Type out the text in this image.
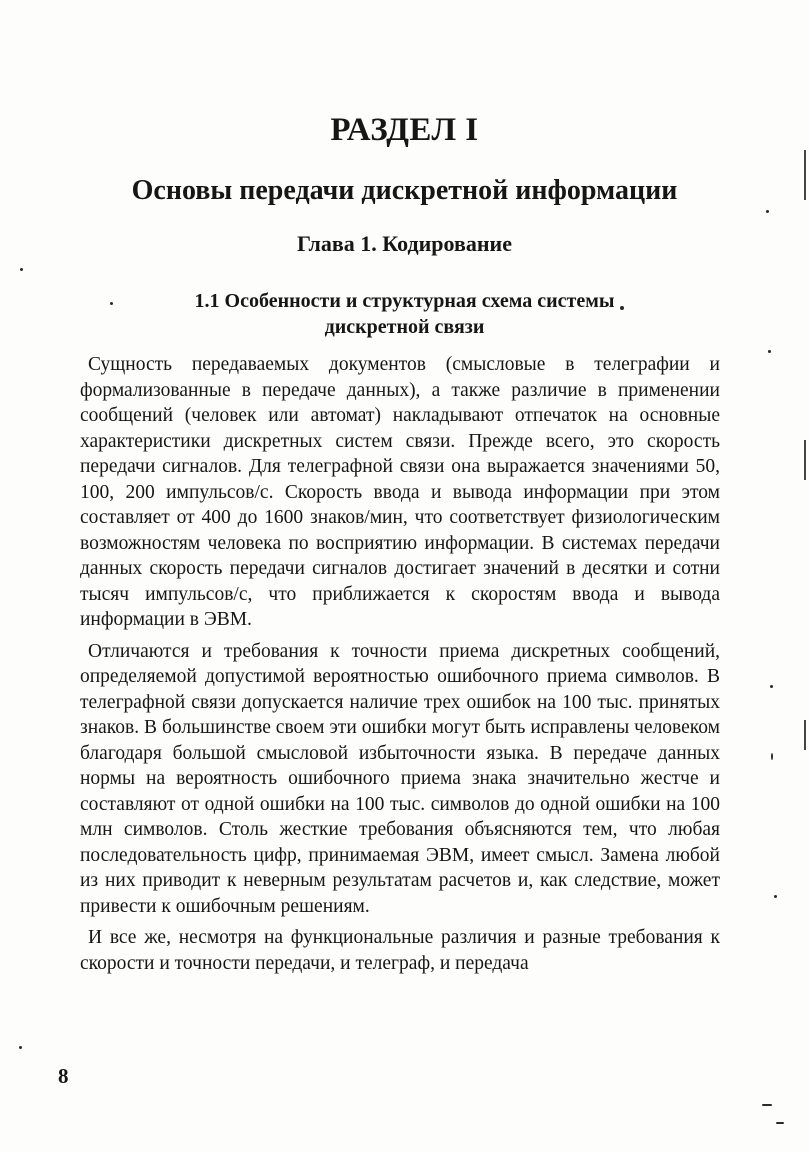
РАЗДЕЛ I
Основы передачи дискретной информации
Глава 1. Кодирование
1.1 Особенности и структурная схема системы
дискретной связи

Сущность передаваемых документов (смысловые в телеграфии и формализованные в передаче данных), а также различие в применении сообщений (человек или автомат) накладывают отпечаток на основные характеристики дискретных систем связи. Прежде всего, это скорость передачи сигналов. Для телеграфной связи она выражается значениями 50, 100, 200 импульсов/с. Скорость ввода и вывода информации при этом составляет от 400 до 1600 знаков/мин, что соответствует физиологическим возможностям человека по восприятию информации. В системах передачи данных скорость передачи сигналов достигает значений в десятки и сотни тысяч импульсов/с, что приближается к скоростям ввода и вывода информации в ЭВМ.

Отличаются и требования к точности приема дискретных сообщений, определяемой допустимой вероятностью ошибочного приема символов. В телеграфной связи допускается наличие трех ошибок на 100 тыс. принятых знаков. В большинстве своем эти ошибки могут быть исправлены человеком благодаря большой смысловой избыточности языка. В передаче данных нормы на вероятность ошибочного приема знака значительно жестче и составляют от одной ошибки на 100 тыс. символов до одной ошибки на 100 млн символов. Столь жесткие требования объясняются тем, что любая последовательность цифр, принимаемая ЭВМ, имеет смысл. Замена любой из них приводит к неверным результатам расчетов и, как следствие, может привести к ошибочным решениям.

И все же, несмотря на функциональные различия и разные требования к скорости и точности передачи, и телеграф, и передача

8
